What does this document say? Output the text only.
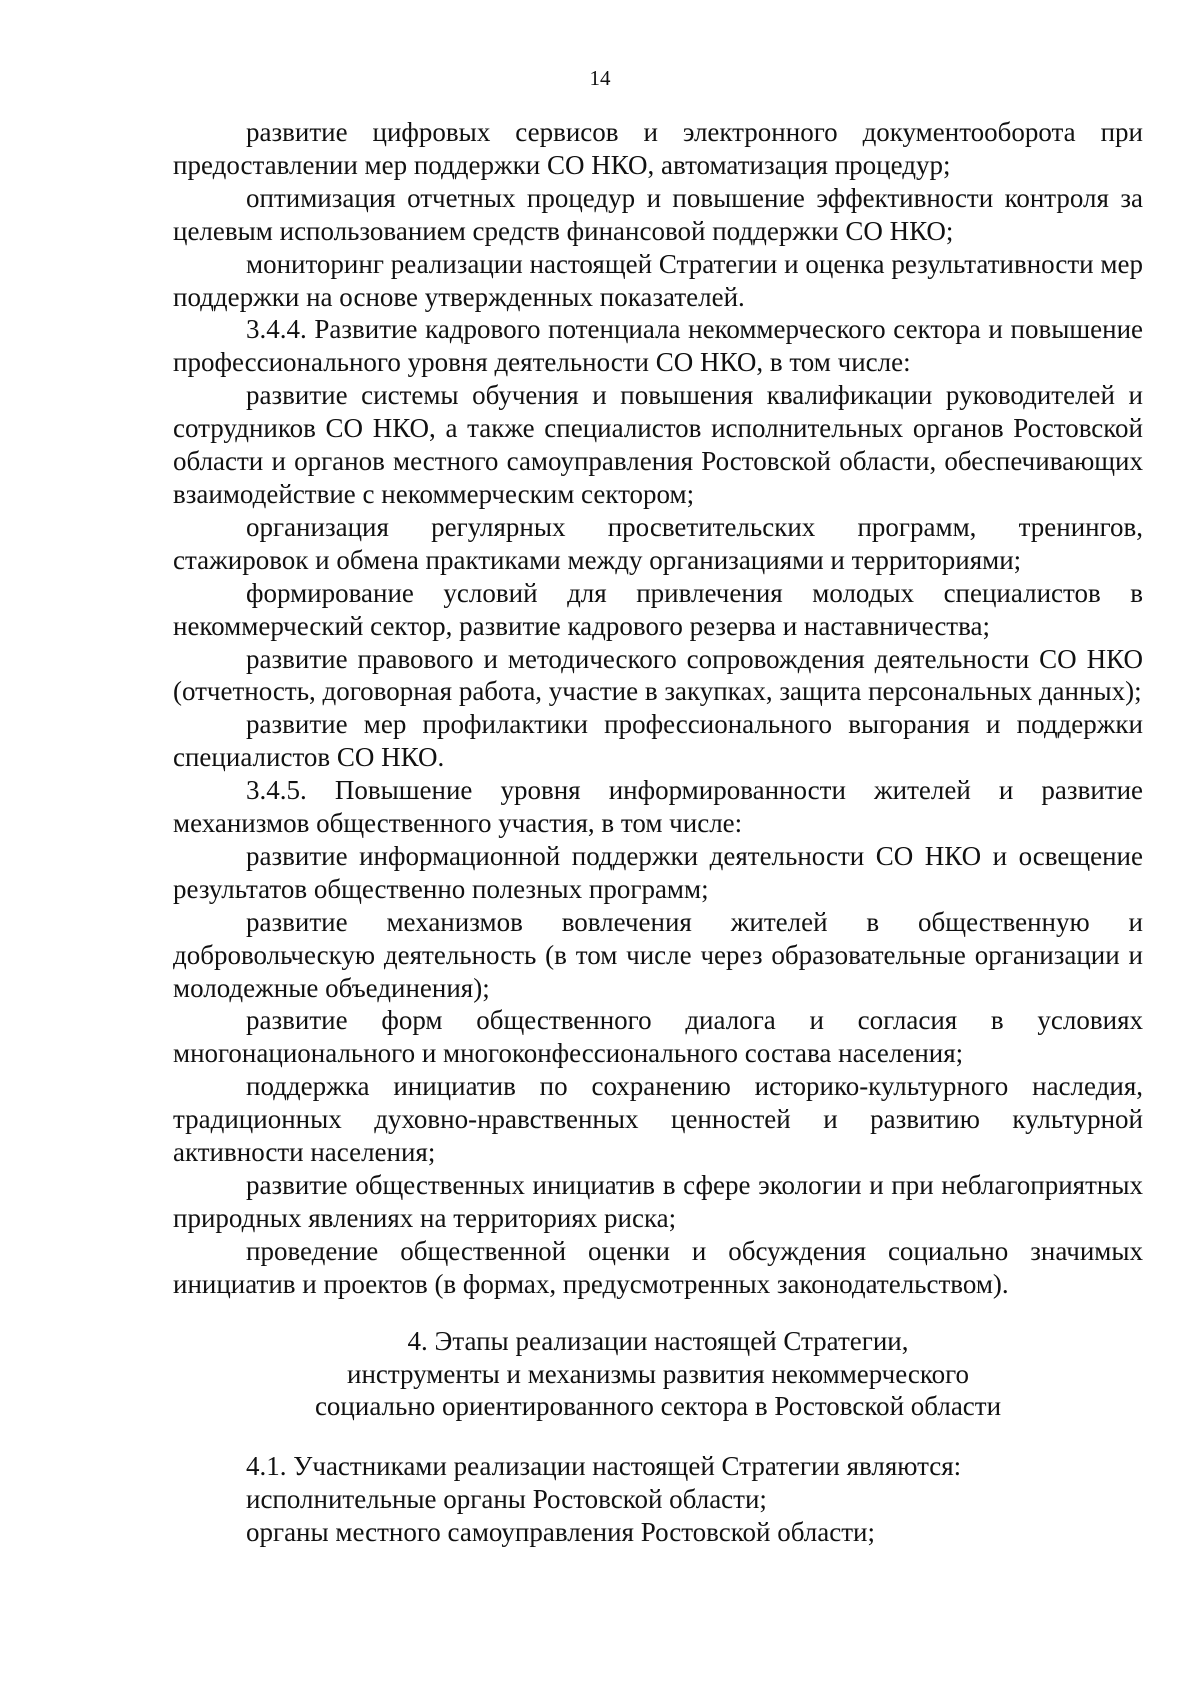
14

развитие цифровых сервисов и электронного документооборота при предоставлении мер поддержки СО НКО, автоматизация процедур;

оптимизация отчетных процедур и повышение эффективности контроля за целевым использованием средств финансовой поддержки СО НКО;

мониторинг реализации настоящей Стратегии и оценка результативности мер поддержки на основе утвержденных показателей.

3.4.4. Развитие кадрового потенциала некоммерческого сектора и повышение профессионального уровня деятельности СО НКО, в том числе:

развитие системы обучения и повышения квалификации руководителей и сотрудников СО НКО, а также специалистов исполнительных органов Ростовской области и органов местного самоуправления Ростовской области, обеспечивающих взаимодействие с некоммерческим сектором;

организация регулярных просветительских программ, тренингов, стажировок и обмена практиками между организациями и территориями;

формирование условий для привлечения молодых специалистов в некоммерческий сектор, развитие кадрового резерва и наставничества;

развитие правового и методического сопровождения деятельности СО НКО (отчетность, договорная работа, участие в закупках, защита персональных данных);

развитие мер профилактики профессионального выгорания и поддержки специалистов СО НКО.

3.4.5. Повышение уровня информированности жителей и развитие механизмов общественного участия, в том числе:

развитие информационной поддержки деятельности СО НКО и освещение результатов общественно полезных программ;

развитие механизмов вовлечения жителей в общественную и добровольческую деятельность (в том числе через образовательные организации и молодежные объединения);

развитие форм общественного диалога и согласия в условиях многонационального и многоконфессионального состава населения;

поддержка инициатив по сохранению историко-культурного наследия, традиционных духовно-нравственных ценностей и развитию культурной активности населения;

развитие общественных инициатив в сфере экологии и при неблагоприятных природных явлениях на территориях риска;

проведение общественной оценки и обсуждения социально значимых инициатив и проектов (в формах, предусмотренных законодательством).

4. Этапы реализации настоящей Стратегии,

инструменты и механизмы развития некоммерческого

социально ориентированного сектора в Ростовской области

4.1. Участниками реализации настоящей Стратегии являются:

исполнительные органы Ростовской области;

органы местного самоуправления Ростовской области;
